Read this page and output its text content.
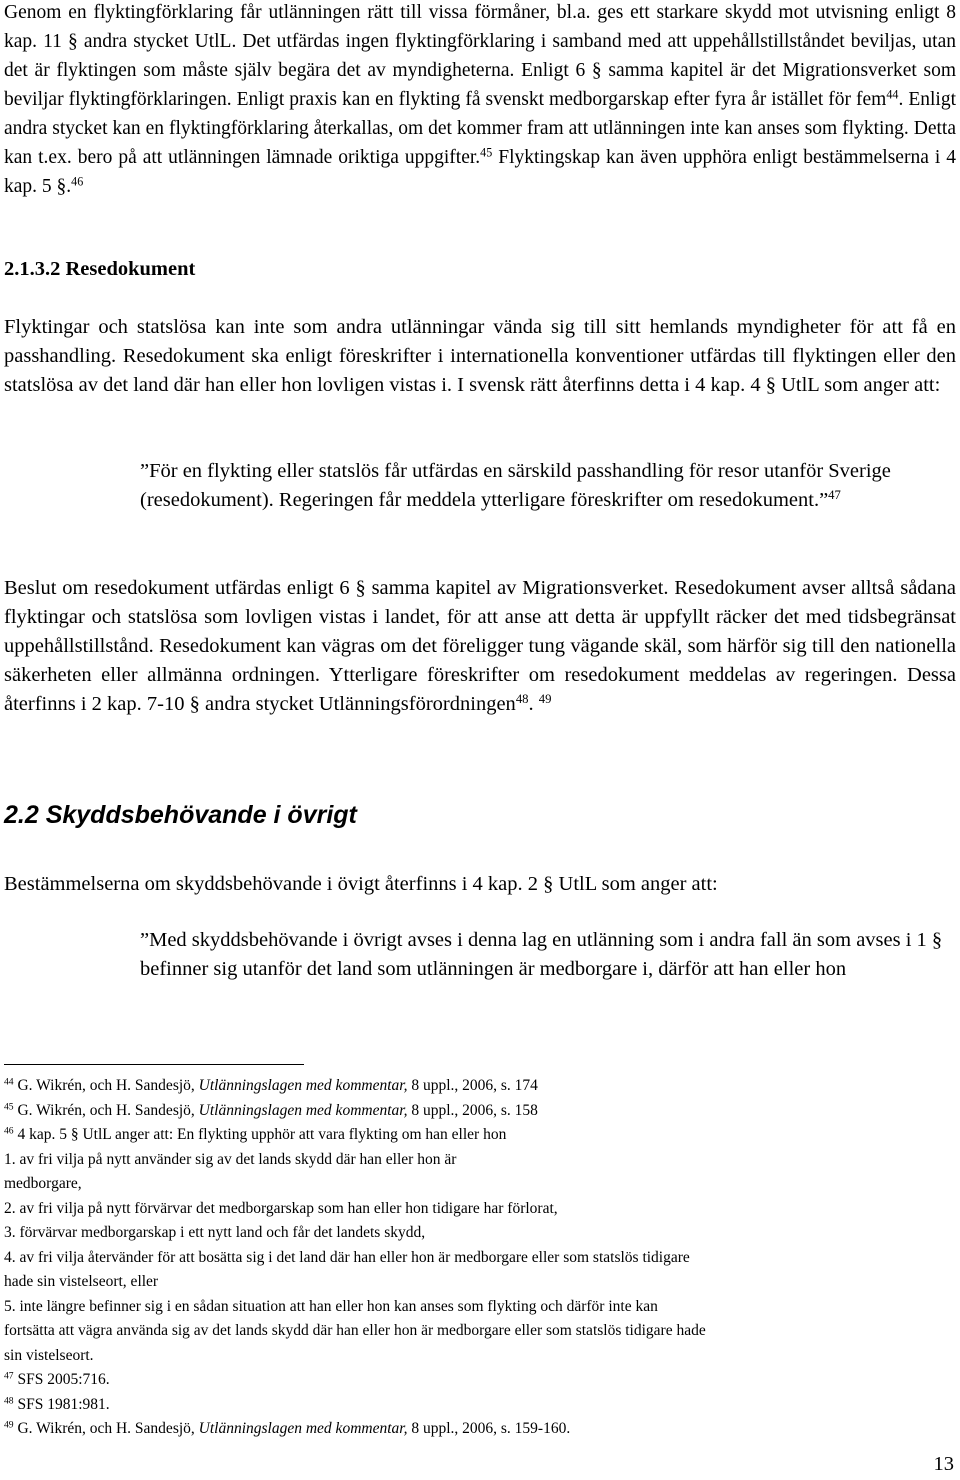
Genom en flyktingförklaring får utlänningen rätt till vissa förmåner, bl.a. ges ett starkare skydd mot utvisning enligt 8 kap. 11 § andra stycket UtlL. Det utfärdas ingen flyktingförklaring i samband med att uppehållstillståndet beviljas, utan det är flyktingen som måste själv begära det av myndigheterna. Enligt 6 § samma kapitel är det Migrationsverket som beviljar flyktingförklaringen. Enligt praxis kan en flykting få svenskt medborgarskap efter fyra år istället för fem$^{44}$. Enligt andra stycket kan en flyktingförklaring återkallas, om det kommer fram att utlänningen inte kan anses som flykting. Detta kan t.ex. bero på att utlänningen lämnade oriktiga uppgifter.$^{45}$ Flyktingskap kan även upphöra enligt bestämmelserna i 4 kap. 5 §.$^{46}$

2.1.3.2 Resedokument

Flyktingar och statslösa kan inte som andra utlänningar vända sig till sitt hemlands myndigheter för att få en passhandling. Resedokument ska enligt föreskrifter i internationella konventioner utfärdas till flyktingen eller den statslösa av det land där han eller hon lovligen vistas i. I svensk rätt återfinns detta i 4 kap. 4 § UtlL som anger att:

”För en flykting eller statslös får utfärdas en särskild passhandling för resor utanför Sverige (resedokument). Regeringen får meddela ytterligare föreskrifter om resedokument.”$^{47}$

Beslut om resedokument utfärdas enligt 6 § samma kapitel av Migrationsverket. Resedokument avser alltså sådana flyktingar och statslösa som lovligen vistas i landet, för att anse att detta är uppfyllt räcker det med tidsbegränsat uppehållstillstånd. Resedokument kan vägras om det föreligger tung vägande skäl, som härför sig till den nationella säkerheten eller allmänna ordningen. Ytterligare föreskrifter om resedokument meddelas av regeringen. Dessa återfinns i 2 kap. 7-10 § andra stycket Utlänningsförordningen$^{48}$. $^{49}$

2.2 Skyddsbehövande i övrigt

Bestämmelserna om skyddsbehövande i övigt återfinns i 4 kap. 2 § UtlL som anger att:

”Med skyddsbehövande i övrigt avses i denna lag en utlänning som i andra fall än som avses i 1 § befinner sig utanför det land som utlänningen är medborgare i, därför att han eller hon

$^{44}$ G. Wikrén, och H. Sandesjö, Utlänningslagen med kommentar, 8 uppl., 2006, s. 174
$^{45}$ G. Wikrén, och H. Sandesjö, Utlänningslagen med kommentar, 8 uppl., 2006, s. 158
$^{46}$ 4 kap. 5 § UtlL anger att: En flykting upphör att vara flykting om han eller hon
1. av fri vilja på nytt använder sig av det lands skydd där han eller hon är
medborgare,
2. av fri vilja på nytt förvärvar det medborgarskap som han eller hon tidigare har förlorat,
3. förvärvar medborgarskap i ett nytt land och får det landets skydd,
4. av fri vilja återvänder för att bosätta sig i det land där han eller hon är medborgare eller som statslös tidigare
hade sin vistelseort, eller
5. inte längre befinner sig i en sådan situation att han eller hon kan anses som flykting och därför inte kan
fortsätta att vägra använda sig av det lands skydd där han eller hon är medborgare eller som statslös tidigare hade
sin vistelseort.
$^{47}$ SFS 2005:716.
$^{48}$ SFS 1981:981.
$^{49}$ G. Wikrén, och H. Sandesjö, Utlänningslagen med kommentar, 8 uppl., 2006, s. 159-160.
13
